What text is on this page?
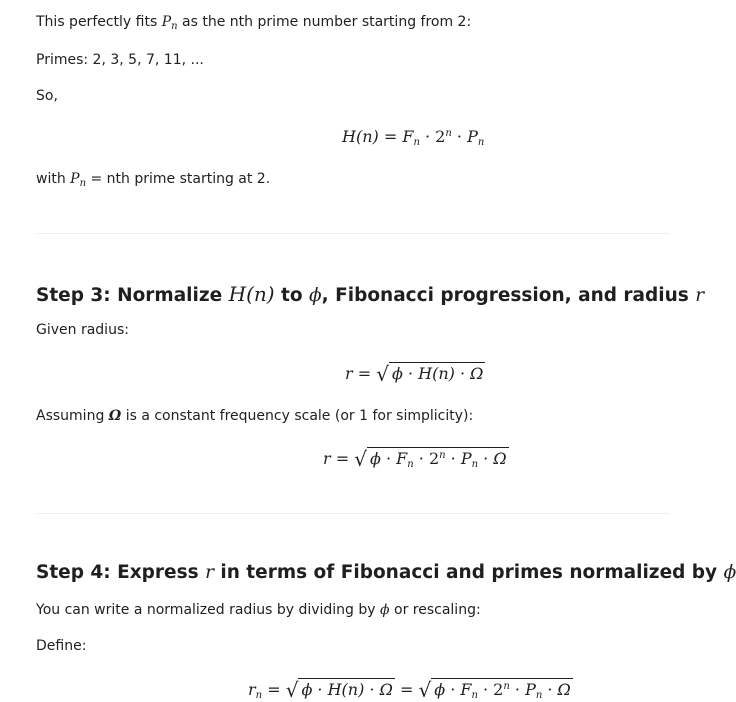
This perfectly fits $P_n$ as the nth prime number starting from 2:
Primes: 2, 3, 5, 7, 11, ...
So,
$H(n) = F_n \cdot 2^n \cdot P_n$
with $P_n$ = nth prime starting at 2.
Step 3: Normalize H(n) to ϕ, Fibonacci progression, and radius r
Given radius:
r = √ ϕ · H(n) · Ω
Assuming Ω is a constant frequency scale (or 1 for simplicity):
r = √ $\phi \cdot F_n \cdot 2^n \cdot P_n \cdot \Omega$
Step 4: Express r in terms of Fibonacci and primes normalized by ϕ
You can write a normalized radius by dividing by ϕ or rescaling:
Define:
$r_n$ = √ ϕ · H(n) · Ω = √ $\phi \cdot F_n \cdot 2^n \cdot P_n \cdot \Omega$
